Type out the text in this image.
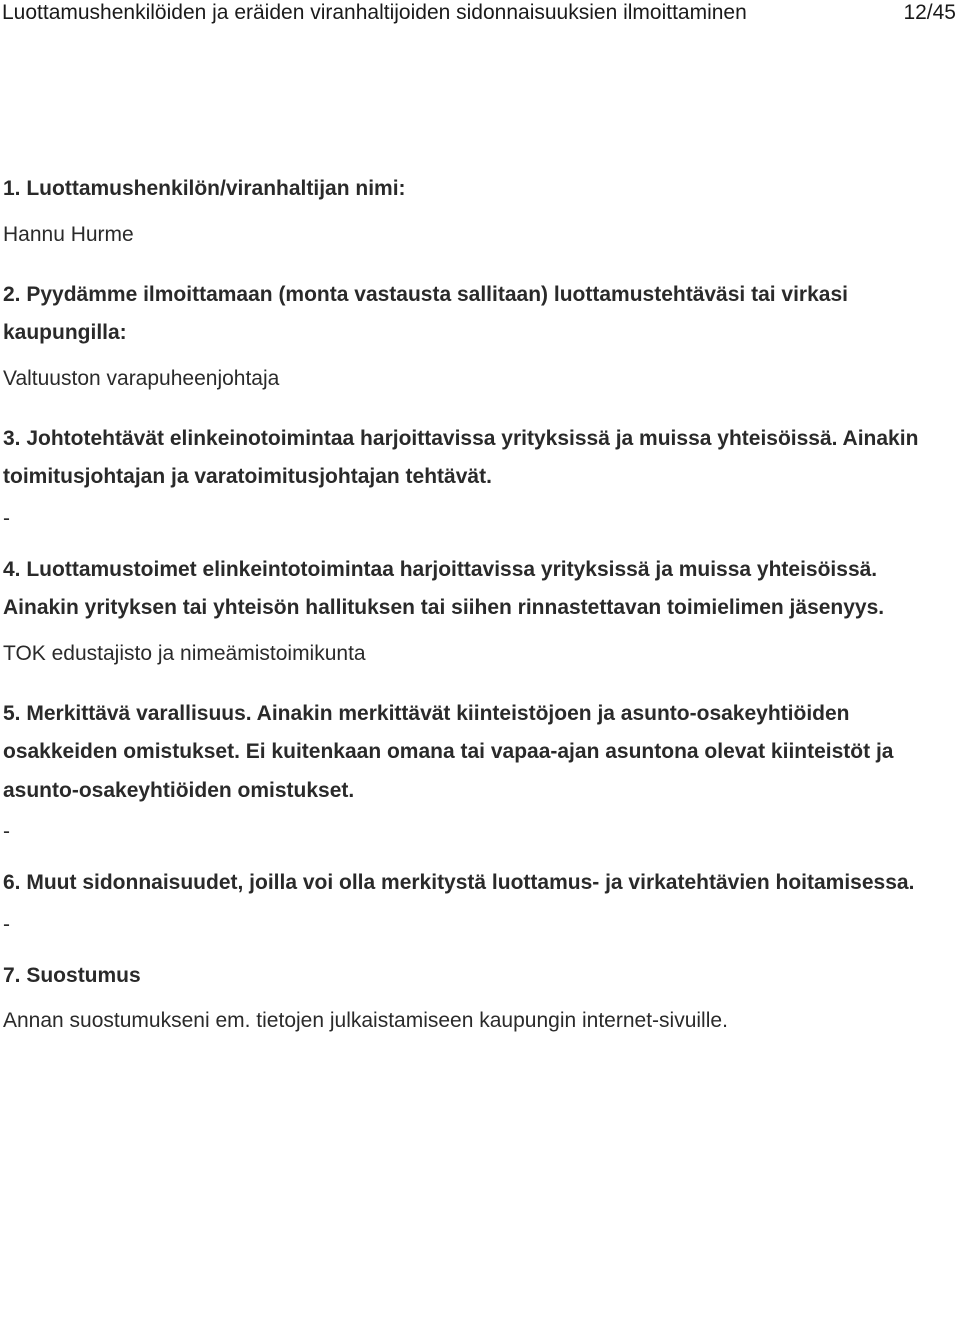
Luottamushenkilöiden ja eräiden viranhaltijoiden sidonnaisuuksien ilmoittaminen	12/45

1. Luottamushenkilön/viranhaltijan nimi:

Hannu Hurme

2. Pyydämme ilmoittamaan (monta vastausta sallitaan) luottamustehtäväsi tai virkasi kaupungilla:

Valtuuston varapuheenjohtaja

3. Johtotehtävät elinkeinotoimintaa harjoittavissa yrityksissä ja muissa yhteisöissä. Ainakin toimitusjohtajan ja varatoimitusjohtajan tehtävät.

-

4. Luottamustoimet elinkeintotoimintaa harjoittavissa yrityksissä ja muissa yhteisöissä. Ainakin yrityksen tai yhteisön hallituksen tai siihen rinnastettavan toimielimen jäsenyys.

TOK edustajisto ja nimeämistoimikunta

5. Merkittävä varallisuus. Ainakin merkittävät kiinteistöjoen ja asunto-osakeyhtiöiden osakkeiden omistukset. Ei kuitenkaan omana tai vapaa-ajan asuntona olevat kiinteistöt ja asunto-osakeyhtiöiden omistukset.

-

6. Muut sidonnaisuudet, joilla voi olla merkitystä luottamus- ja virkatehtävien hoitamisessa.

-

7. Suostumus

Annan suostumukseni em. tietojen julkaistamiseen kaupungin internet-sivuille.
